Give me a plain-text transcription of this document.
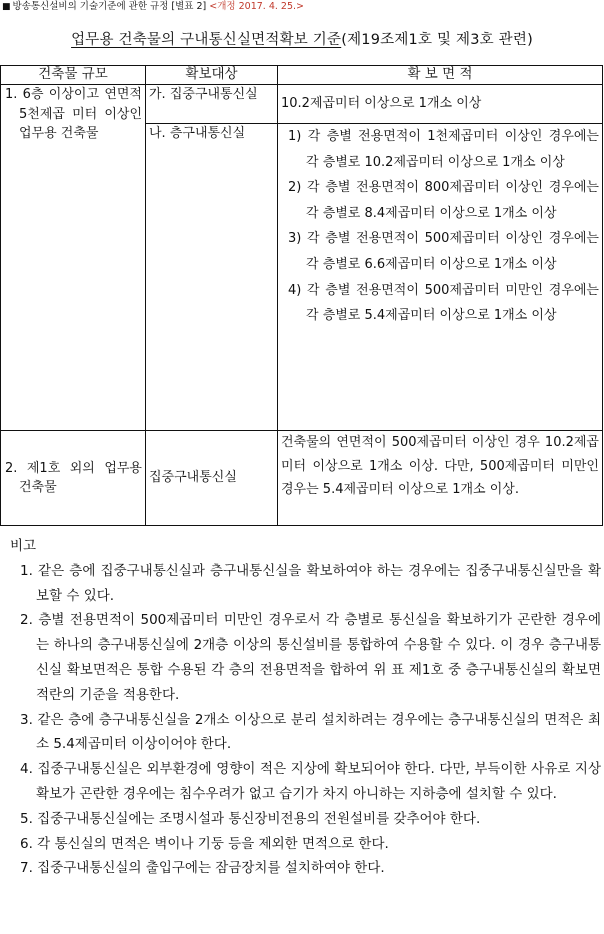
■ 방송통신설비의 기술기준에 관한 규정 [별표 2] <개정 2017. 4. 25.>
업무용 건축물의 구내통신실면적확보 기준(제19조제1호 및 제3호 관련)
건축물 규모	확보대상	확 보 면 적

1. 6층 이상이고 연면적 5천제곱 미터 이상인 업무용 건축물	가. 집중구내통신실	10.2제곱미터 이상으로 1개소 이상
	나. 층구내통신실	1) 각 층별 전용면적이 1천제곱미터 이상인 경우에는 각 층별로 10.2제곱미터 이상으로 1개소 이상
2) 각 층별 전용면적이 800제곱미터 이상인 경우에는 각 층별로 8.4제곱미터 이상으로 1개소 이상
3) 각 층별 전용면적이 500제곱미터 이상인 경우에는 각 층별로 6.6제곱미터 이상으로 1개소 이상
4) 각 층별 전용면적이 500제곱미터 미만인 경우에는 각 층별로 5.4제곱미터 이상으로 1개소 이상

2. 제1호 외의 업무용 건축물	집중구내통신실	건축물의 연면적이 500제곱미터 이상인 경우 10.2제곱미터 이상으로 1개소 이상. 다만, 500제곱미터 미만인 경우는 5.4제곱미터 이상으로 1개소 이상.
비고
1. 같은 층에 집중구내통신실과 층구내통신실을 확보하여야 하는 경우에는 집중구내통신실만을 확보할 수 있다.
2. 층별 전용면적이 500제곱미터 미만인 경우로서 각 층별로 통신실을 확보하기가 곤란한 경우에는 하나의 층구내통신실에 2개층 이상의 통신설비를 통합하여 수용할 수 있다. 이 경우 층구내통신실 확보면적은 통합 수용된 각 층의 전용면적을 합하여 위 표 제1호 중 층구내통신실의 확보면적란의 기준을 적용한다.
3. 같은 층에 층구내통신실을 2개소 이상으로 분리 설치하려는 경우에는 층구내통신실의 면적은 최소 5.4제곱미터 이상이어야 한다.
4. 집중구내통신실은 외부환경에 영향이 적은 지상에 확보되어야 한다. 다만, 부득이한 사유로 지상확보가 곤란한 경우에는 침수우려가 없고 습기가 차지 아니하는 지하층에 설치할 수 있다.
5. 집중구내통신실에는 조명시설과 통신장비전용의 전원설비를 갖추어야 한다.
6. 각 통신실의 면적은 벽이나 기둥 등을 제외한 면적으로 한다.
7. 집중구내통신실의 출입구에는 잠금장치를 설치하여야 한다.
